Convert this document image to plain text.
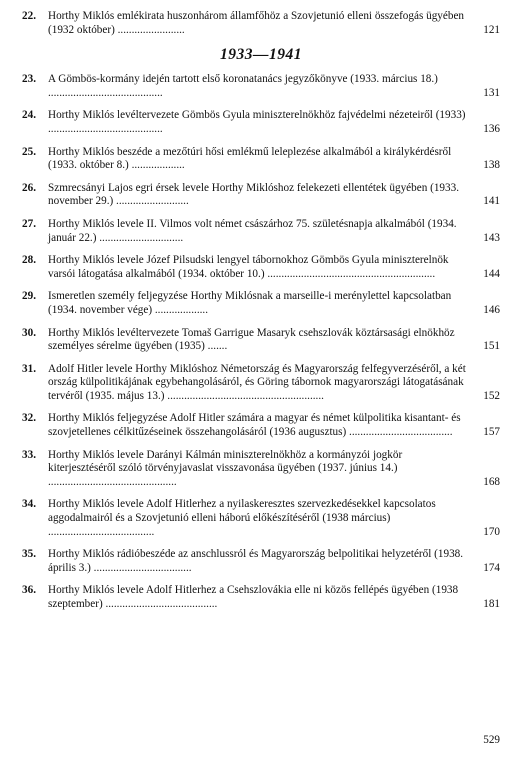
22. Horthy Miklós emlékirata huszonhárom államfőhöz a Szovjetunió elleni összefogás ügyében (1932 október) ........................	121
1933—1941
23. A Gömbös-kormány idején tartott első koronatanács jegyzőkönyve (1933. március 18.) .........................................	131
24. Horthy Miklós levéltervezete Gömbös Gyula miniszterelnökhöz fajvédelmi nézeteiről (1933) .........................................	136
25. Horthy Miklós beszéde a mezőtúri hősi emlékmű leleplezése alkalmából a királykérdésről (1933. október 8.) ...................	138
26. Szmrecsányi Lajos egri érsek levele Horthy Miklóshoz felekezeti ellentétek ügyében (1933. november 29.) ..........................	141
27. Horthy Miklós levele II. Vilmos volt német császárhoz 75. születésnapja alkalmából (1934. január 22.) ..............................	143
28. Horthy Miklós levele Józef Pilsudski lengyel tábornokhoz Gömbös Gyula miniszterelnök varsói látogatása alkalmából (1934. október 10.) ............................................................	144
29. Ismeretlen személy feljegyzése Horthy Miklósnak a marseille-i merénylettel kapcsolatban (1934. november vége) ...................	146
30. Horthy Miklós levéltervezete Tomaš Garrigue Masaryk csehszlovák köztársasági elnökhöz személyes sérelme ügyében (1935) .......	151
31. Adolf Hitler levele Horthy Miklóshoz Németország és Magyarország felfegyverzéséről, a két ország külpolitikájának egybehangolásáról, és Göring tábornok magyarországi látogatásának tervéről (1935. május 13.) ........................................................	152
32. Horthy Miklós feljegyzése Adolf Hitler számára a magyar és német külpolitika kisantant- és szovjetellenes célkitűzéseinek összehangolásáról (1936 augusztus) .....................................	157
33. Horthy Miklós levele Darányi Kálmán miniszterelnökhöz a kormányzói jogkör kiterjesztéséről szóló törvényjavaslat visszavonása ügyében (1937. június 14.) ..............................................	168
34. Horthy Miklós levele Adolf Hitlerhez a nyilaskeresztes szervezkedésekkel kapcsolatos aggodalmairól és a Szovjetunió elleni háború előkészítéséről (1938 március) ......................................	170
35. Horthy Miklós rádióbeszéde az anschlussról és Magyarország belpolitikai helyzetéről (1938. április 3.) ...................................	174
36. Horthy Miklós levele Adolf Hitlerhez a Csehszlovákia elle ni közös fellépés ügyében (1938 szeptember) ........................................	181
529
